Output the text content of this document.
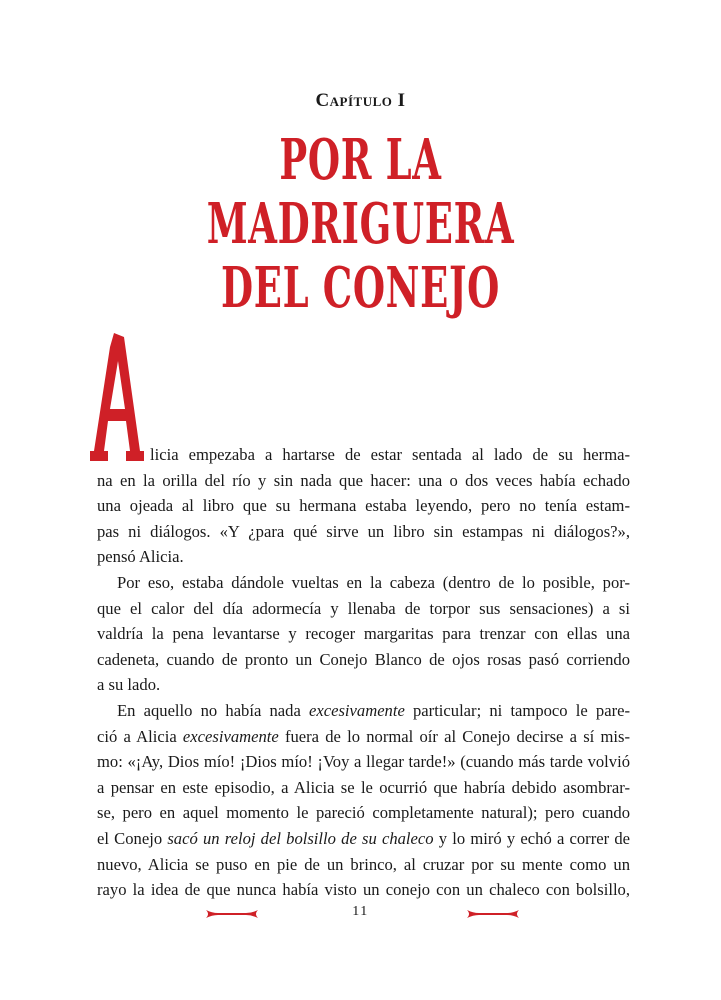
Capítulo I
POR LA MADRIGUERA
DEL CONEJO
A
licia empezaba a hartarse de estar sentada al lado de su herma-
na en la orilla del río y sin nada que hacer: una o dos veces había echado
una ojeada al libro que su hermana estaba leyendo, pero no tenía estam-
pas ni diálogos. «Y ¿para qué sirve un libro sin estampas ni diálogos?»,
pensó Alicia.
Por eso, estaba dándole vueltas en la cabeza (dentro de lo posible, por-
que el calor del día adormecía y llenaba de torpor sus sensaciones) a si
valdría la pena levantarse y recoger margaritas para trenzar con ellas una
cadeneta, cuando de pronto un Conejo Blanco de ojos rosas pasó corriendo
a su lado.
En aquello no había nada excesivamente particular; ni tampoco le pare-
ció a Alicia excesivamente fuera de lo normal oír al Conejo decirse a sí mis-
mo: «¡Ay, Dios mío! ¡Dios mío! ¡Voy a llegar tarde!» (cuando más tarde volvió
a pensar en este episodio, a Alicia se le ocurrió que habría debido asombrar-
se, pero en aquel momento le pareció completamente natural); pero cuando
el Conejo sacó un reloj del bolsillo de su chaleco y lo miró y echó a correr de
nuevo, Alicia se puso en pie de un brinco, al cruzar por su mente como un
rayo la idea de que nunca había visto un conejo con un chaleco con bolsillo,
11
